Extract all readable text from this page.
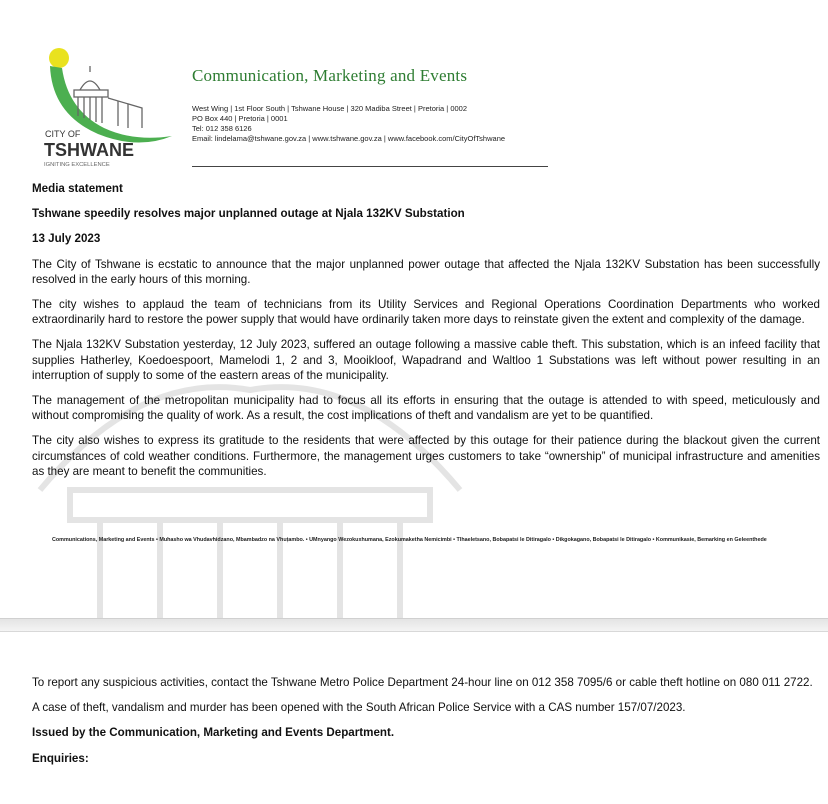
CITY OF
TSHWANE
IGNITING EXCELLENCE
Communication, Marketing and Events
West Wing | 1st Floor South | Tshwane House | 320 Madiba Street | Pretoria | 0002
PO Box 440 | Pretoria | 0001
Tel: 012 358 6126
Email: lindelama@tshwane.gov.za | www.tshwane.gov.za | www.facebook.com/CityOfTshwane

Media statement

Tshwane speedily resolves major unplanned outage at Njala 132KV Substation

13 July 2023

The City of Tshwane is ecstatic to announce that the major unplanned power outage that affected the Njala 132KV Substation has been successfully resolved in the early hours of this morning.

The city wishes to applaud the team of technicians from its Utility Services and Regional Operations Coordination Departments who worked extraordinarily hard to restore the power supply that would have ordinarily taken more days to reinstate given the extent and complexity of the damage.

The Njala 132KV Substation yesterday, 12 July 2023, suffered an outage following a massive cable theft. This substation, which is an infeed facility that supplies Hatherley, Koedoespoort, Mamelodi 1, 2 and 3, Mooikloof, Wapadrand and Waltloo 1 Substations was left without power resulting in an interruption of supply to some of the eastern areas of the municipality.

The management of the metropolitan municipality had to focus all its efforts in ensuring that the outage is attended to with speed, meticulously and without compromising the quality of work. As a result, the cost implications of theft and vandalism are yet to be quantified.

The city also wishes to express its gratitude to the residents that were affected by this outage for their patience during the blackout given the current circumstances of cold weather conditions. Furthermore, the management urges customers to take “ownership” of municipal infrastructure and amenities as they are meant to benefit the communities.

Communications, Marketing and Events • Muhasho wa Vhudavhidzano, Mbambadzo na Vhuṭambo. • UMnyango Wezokuxhumana, Ezokumaketha Nemicimbi • Tlhaeletsano, Bobapatsi le Ditiragalo • Dikgokagano, Bobapatsi le Ditiragalo • Kommunikasie, Bemarking en Geleenthede

To report any suspicious activities, contact the Tshwane Metro Police Department 24-hour line on 012 358 7095/6 or cable theft hotline on 080 011 2722.

A case of theft, vandalism and murder has been opened with the South African Police Service with a CAS number 157/07/2023.

Issued by the Communication, Marketing and Events Department.

Enquiries:
